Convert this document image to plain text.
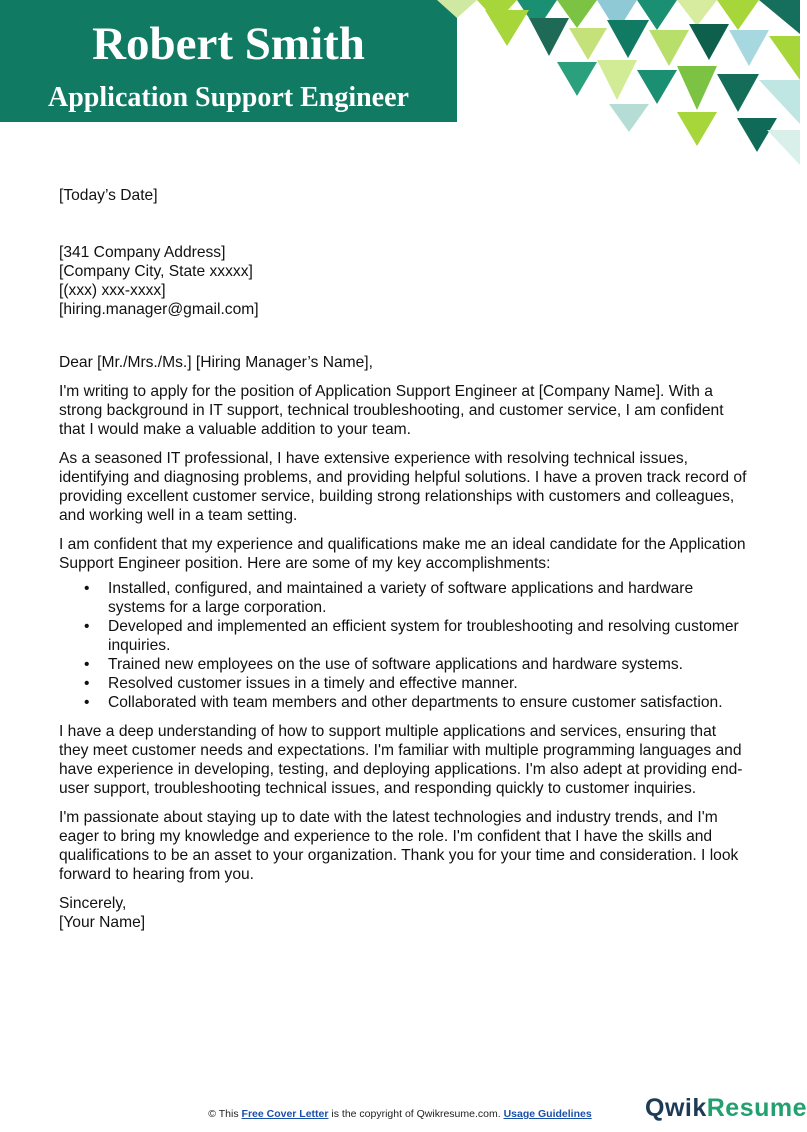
Robert Smith
Application Support Engineer

[Today’s Date]

[341 Company Address]
[Company City, State xxxxx]
[(xxx) xxx-xxxx]
[hiring.manager@gmail.com]

Dear [Mr./Mrs./Ms.] [Hiring Manager’s Name],

I'm writing to apply for the position of Application Support Engineer at [Company Name]. With a strong background in IT support, technical troubleshooting, and customer service, I am confident that I would make a valuable addition to your team.

As a seasoned IT professional, I have extensive experience with resolving technical issues, identifying and diagnosing problems, and providing helpful solutions. I have a proven track record of providing excellent customer service, building strong relationships with customers and colleagues, and working well in a team setting.

I am confident that my experience and qualifications make me an ideal candidate for the Application Support Engineer position. Here are some of my key accomplishments:

• Installed, configured, and maintained a variety of software applications and hardware systems for a large corporation.
• Developed and implemented an efficient system for troubleshooting and resolving customer inquiries.
• Trained new employees on the use of software applications and hardware systems.
• Resolved customer issues in a timely and effective manner.
• Collaborated with team members and other departments to ensure customer satisfaction.

I have a deep understanding of how to support multiple applications and services, ensuring that they meet customer needs and expectations. I'm familiar with multiple programming languages and have experience in developing, testing, and deploying applications. I'm also adept at providing end-user support, troubleshooting technical issues, and responding quickly to customer inquiries.

I'm passionate about staying up to date with the latest technologies and industry trends, and I'm eager to bring my knowledge and experience to the role. I'm confident that I have the skills and qualifications to be an asset to your organization. Thank you for your time and consideration. I look forward to hearing from you.

Sincerely,
[Your Name]

QwikResume
© This Free Cover Letter is the copyright of Qwikresume.com. Usage Guidelines
